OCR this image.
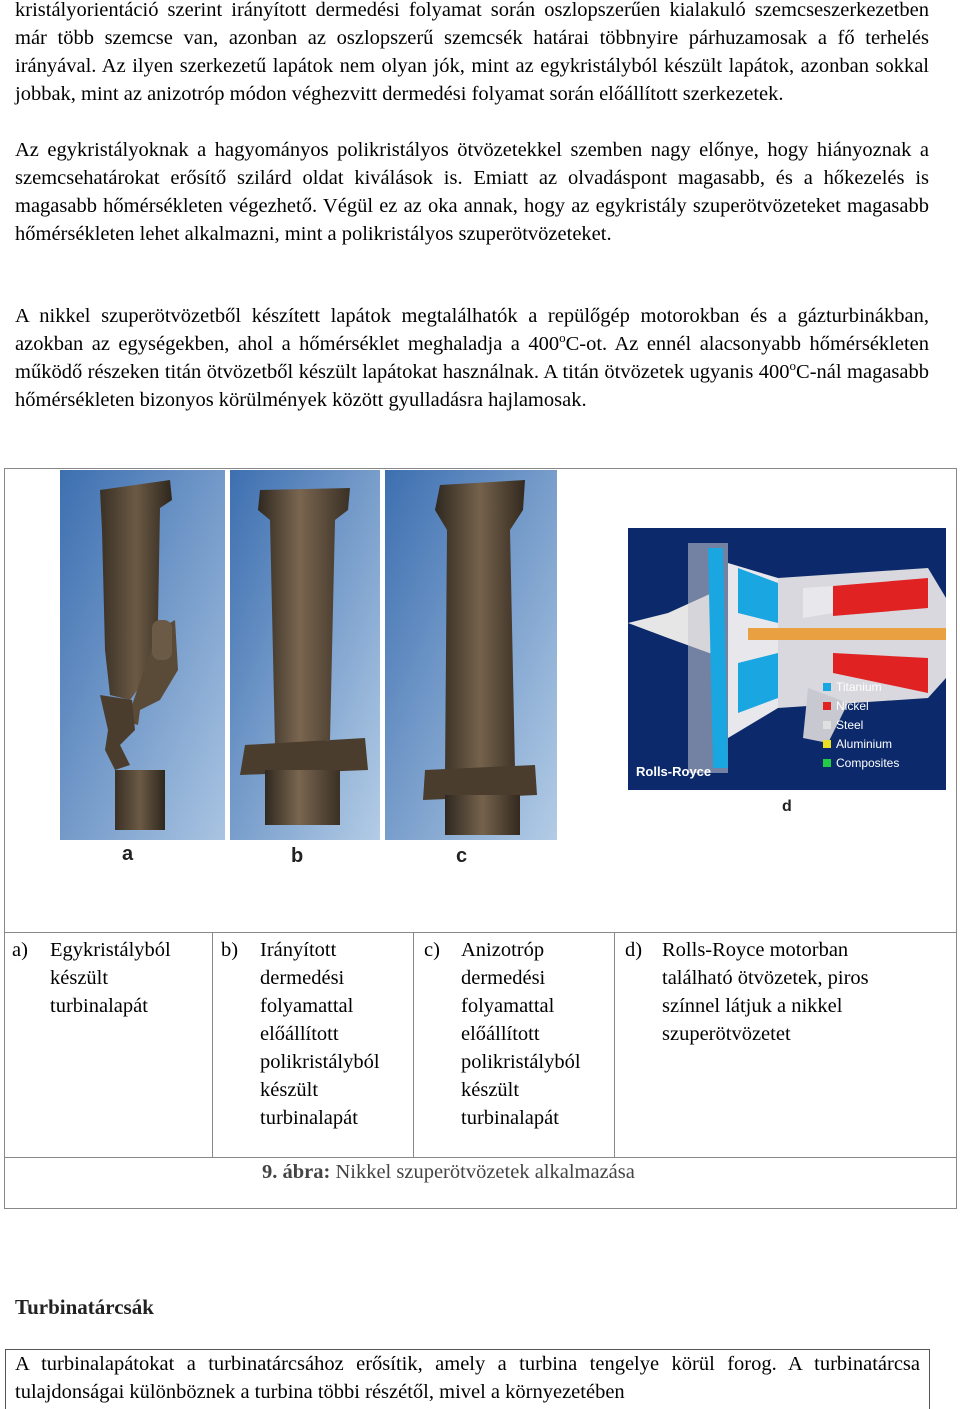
kristályorientáció szerint irányított dermedési folyamat során oszlopszerűen kialakuló szemcseszerkezetben már több szemcse van, azonban az oszlopszerű szemcsék határai többnyire párhuzamosak a fő terhelés irányával. Az ilyen szerkezetű lapátok nem olyan jók, mint az egykristályból készült lapátok, azonban sokkal jobbak, mint az anizotróp módon véghezvitt dermedési folyamat során előállított szerkezetek.

Az egykristályoknak a hagyományos polikristályos ötvözetekkel szemben nagy előnye, hogy hiányoznak a szemcsehatárokat erősítő szilárd oldat kiválások is. Emiatt az olvadáspont magasabb, és a hőkezelés is magasabb hőmérsékleten végezhető. Végül ez az oka annak, hogy az egykristály szuperötvözeteket magasabb hőmérsékleten lehet alkalmazni, mint a polikristályos szuperötvözeteket.

A nikkel szuperötvözetből készített lapátok megtalálhatók a repülőgép motorokban és a gázturbinákban, azokban az egységekben, ahol a hőmérséklet meghaladja a 400$^o$C-ot. Az ennél alacsonyabb hőmérsékleten működő részeken titán ötvözetből készült lapátokat használnak. A titán ötvözetek ugyanis 400$^o$C-nál magasabb hőmérsékleten bizonyos körülmények között gyulladásra hajlamosak.

a	b	c
Titanium
Nickel
Steel
Aluminium
Composites
Rolls-Royce
d
a) Egykristályból készült turbinalapát
b) Irányított dermedési folyamattal előállított polikristályból készült turbinalapát
c) Anizotróp dermedési folyamattal előállított polikristályból készült turbinalapát
d) Rolls-Royce motorban található ötvözetek, piros színnel látjuk a nikkel szuperötvözetet
9. ábra: Nikkel szuperötvözetek alkalmazása
Turbinatárcsák

A turbinalapátokat a turbinatárcsához erősítik, amely a turbina tengelye körül forog. A turbinatárcsa tulajdonságai különböznek a turbina többi részétől, mivel a környezetében
